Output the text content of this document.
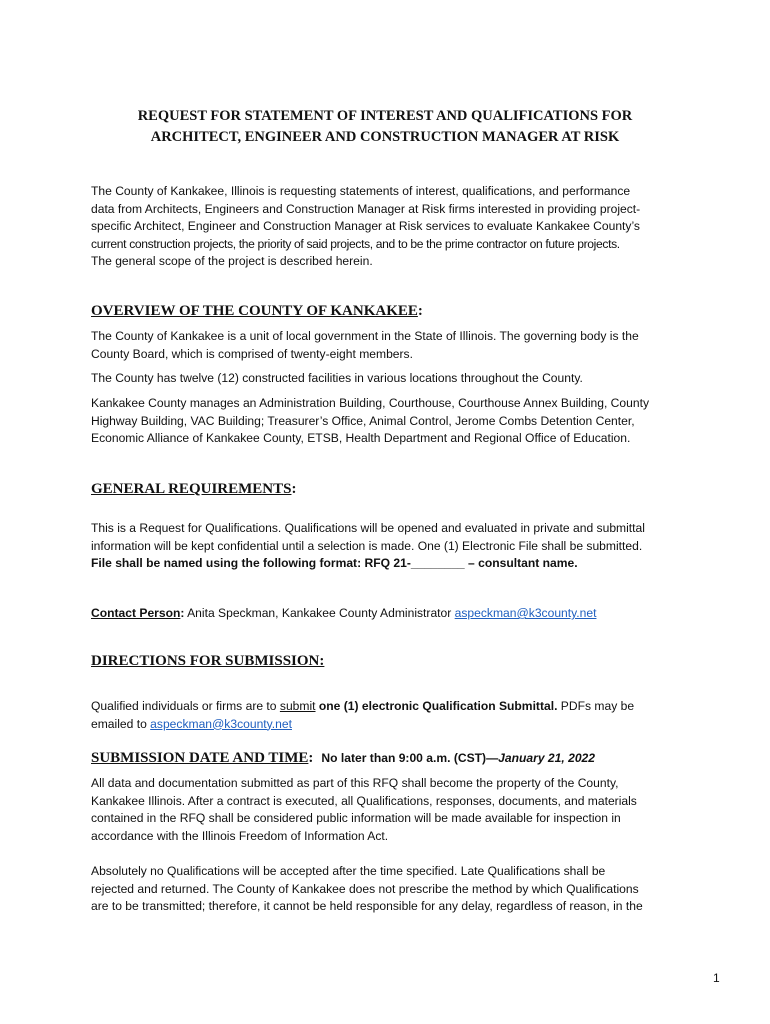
REQUEST FOR STATEMENT OF INTEREST AND QUALIFICATIONS FOR
ARCHITECT, ENGINEER AND CONSTRUCTION MANAGER AT RISK
The County of Kankakee, Illinois is requesting statements of interest, qualifications, and performance
data from Architects, Engineers and Construction Manager at Risk firms interested in providing project-
specific Architect, Engineer and Construction Manager at Risk services to evaluate Kankakee County’s
current construction projects, the priority of said projects, and to be the prime contractor on future projects.
The general scope of the project is described herein.
OVERVIEW OF THE COUNTY OF KANKAKEE:
The County of Kankakee is a unit of local government in the State of Illinois. The governing body is the
County Board, which is comprised of twenty-eight members.
The County has twelve (12) constructed facilities in various locations throughout the County.
Kankakee County manages an Administration Building, Courthouse, Courthouse Annex Building, County
Highway Building, VAC Building; Treasurer’s Office, Animal Control, Jerome Combs Detention Center,
Economic Alliance of Kankakee County, ETSB, Health Department and Regional Office of Education.
GENERAL REQUIREMENTS:
This is a Request for Qualifications. Qualifications will be opened and evaluated in private and submittal
information will be kept confidential until a selection is made. One (1) Electronic File shall be submitted.
File shall be named using the following format: RFQ 21-________ – consultant name.
Contact Person: Anita Speckman, Kankakee County Administrator aspeckman@k3county.net
DIRECTIONS FOR SUBMISSION:
Qualified individuals or firms are to submit one (1) electronic Qualification Submittal. PDFs may be
emailed to aspeckman@k3county.net
SUBMISSION DATE AND TIME: No later than 9:00 a.m. (CST)—January 21, 2022
All data and documentation submitted as part of this RFQ shall become the property of the County,
Kankakee Illinois. After a contract is executed, all Qualifications, responses, documents, and materials
contained in the RFQ shall be considered public information will be made available for inspection in
accordance with the Illinois Freedom of Information Act.
Absolutely no Qualifications will be accepted after the time specified. Late Qualifications shall be
rejected and returned. The County of Kankakee does not prescribe the method by which Qualifications
are to be transmitted; therefore, it cannot be held responsible for any delay, regardless of reason, in the
1
